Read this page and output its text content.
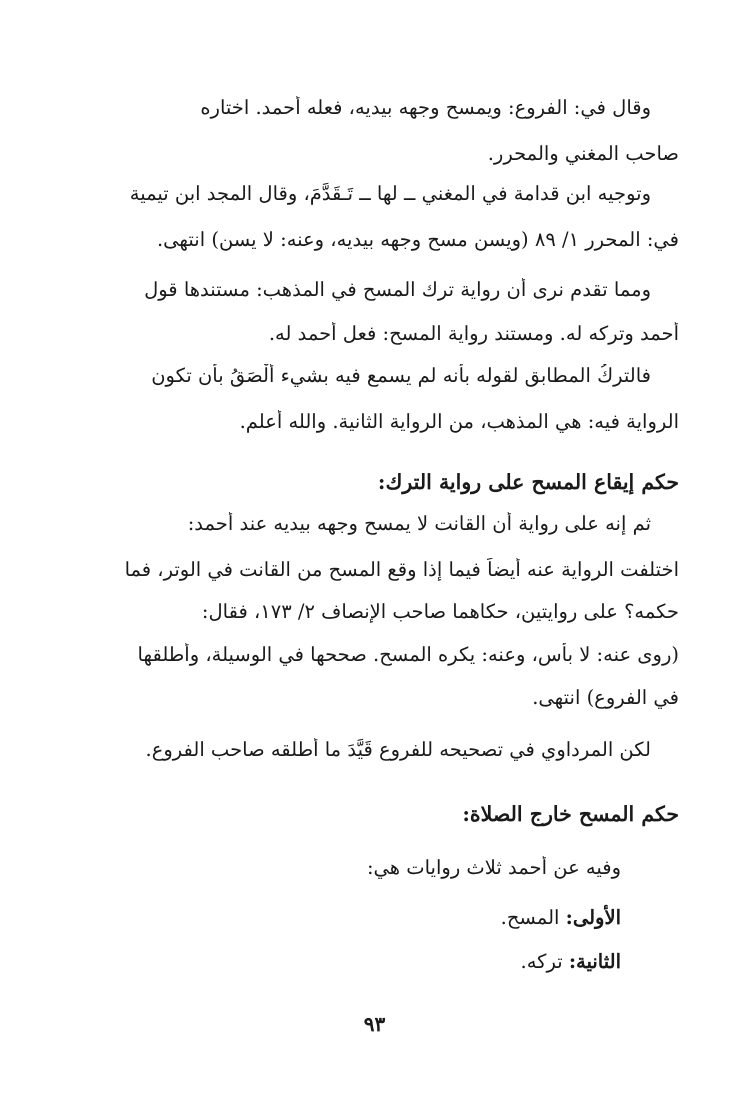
وقال في: الفروع: ويمسح وجهه بيديه، فعله أحمد. اختاره
صاحب المغني والمحرر.
وتوجيه ابن قدامة في المغني ــ لها ــ تَـقَدَّمَ، وقال المجد ابن تيمية
في: المحرر ١/ ٨٩ (ويسن مسح وجهه بيديه، وعنه: لا يسن) انتهى.
ومما تقدم نرى أن رواية ترك المسح في المذهب: مستندها قول
أحمد وتركه له. ومستند رواية المسح: فعل أحمد له.
فالتركُ المطابق لقوله بأنه لم يسمع فيه بشيء أَلْصَقُ بأن تكون
الرواية فيه: هي المذهب، من الرواية الثانية. والله أعلم.
حكم إيقاع المسح على رواية الترك:
ثم إنه على رواية أن القانت لا يمسح وجهه بيديه عند أحمد:
اختلفت الرواية عنه أيضاً فيما إذا وقع المسح من القانت في الوتر، فما
حكمه؟ على روايتين، حكاهما صاحب الإنصاف ٢/ ١٧٣، فقال:
(روى عنه: لا بأس، وعنه: يكره المسح. صححها في الوسيلة، وأطلقها
في الفروع) انتهى.
لكن المرداوي في تصحيحه للفروع قَيَّدَ ما أطلقه صاحب الفروع.
حكم المسح خارج الصلاة:
وفيه عن أحمد ثلاث روايات هي:
الأولى: المسح.
الثانية: تركه.
٩٣
